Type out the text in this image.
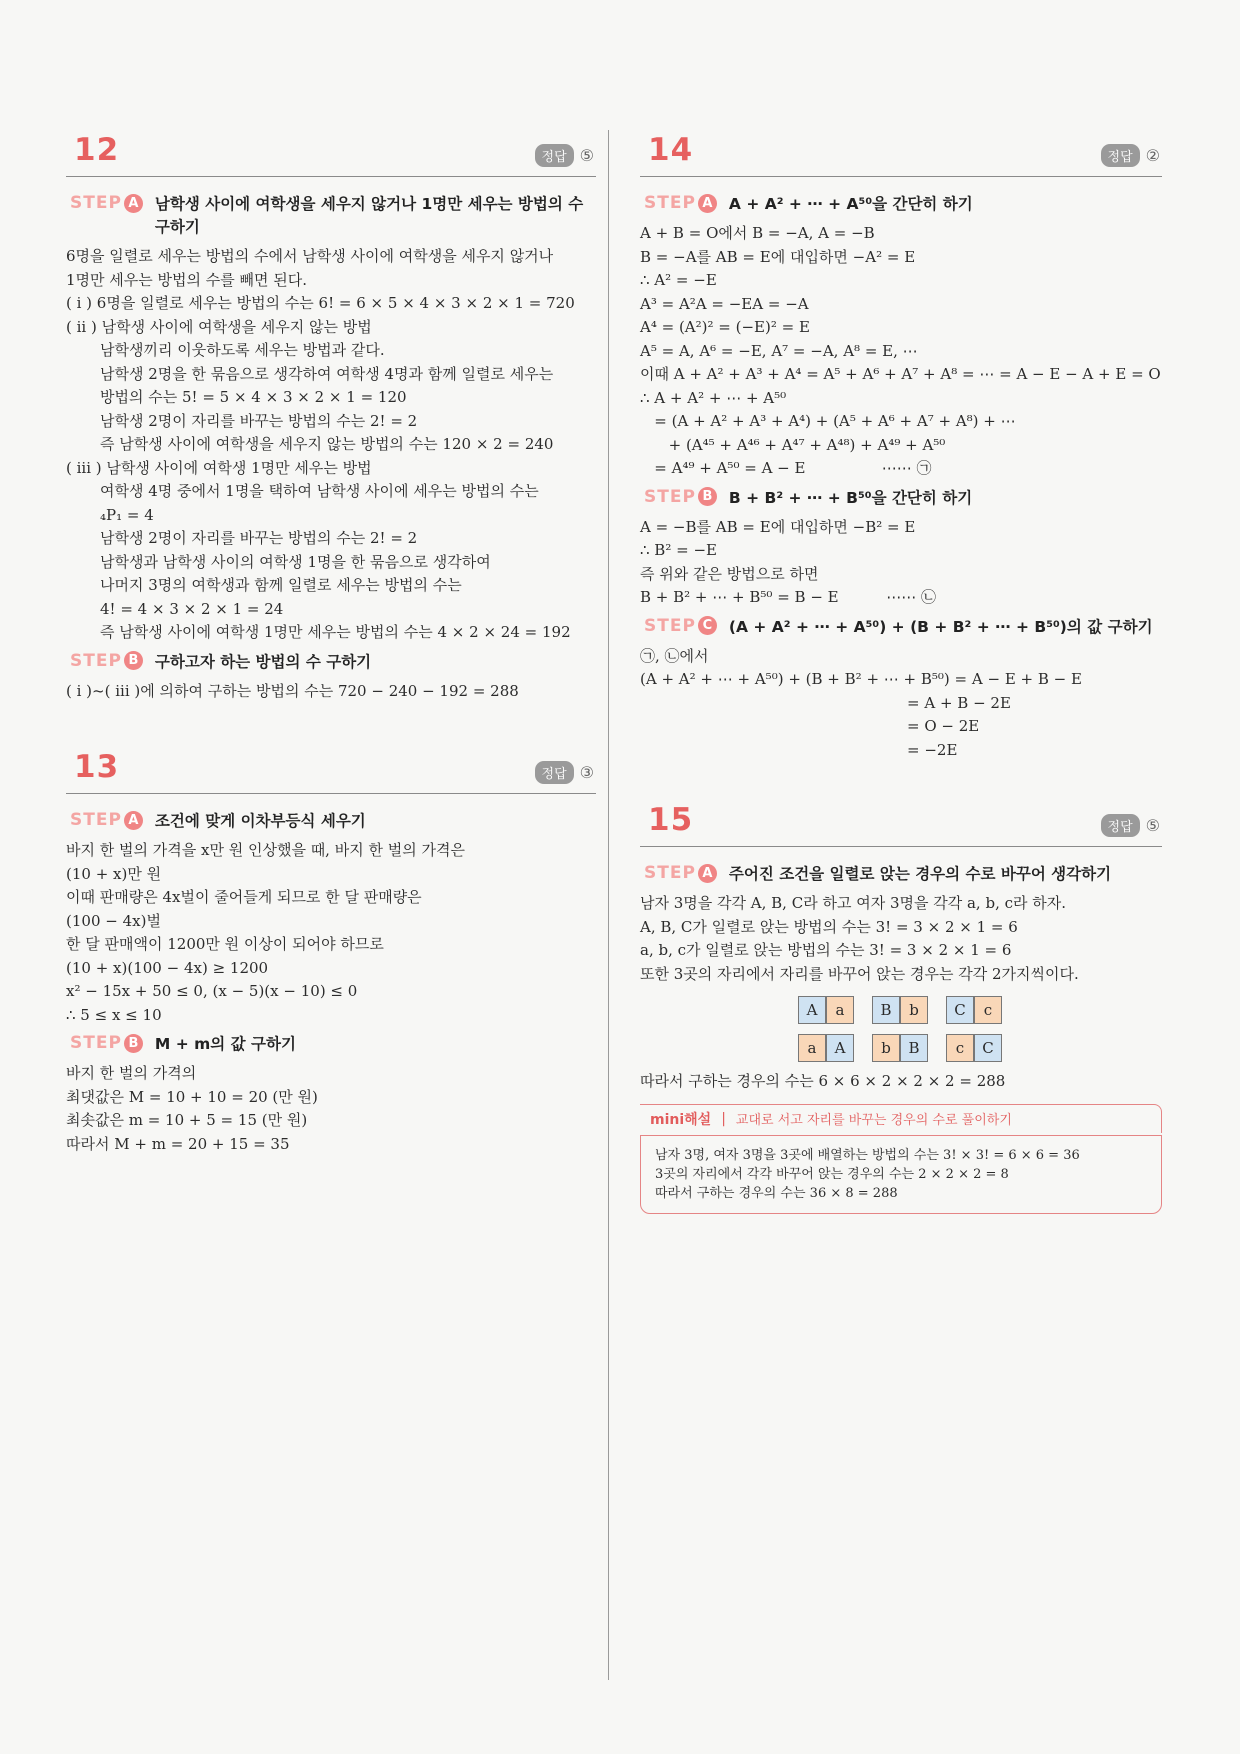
12	정답 ⑤
STEP A 남학생 사이에 여학생을 세우지 않거나 1명만 세우는 방법의 수 구하기
6명을 일렬로 세우는 방법의 수에서 남학생 사이에 여학생을 세우지 않거나
1명만 세우는 방법의 수를 빼면 된다.
( i ) 6명을 일렬로 세우는 방법의 수는 6! = 6 × 5 × 4 × 3 × 2 × 1 = 720
( ii ) 남학생 사이에 여학생을 세우지 않는 방법
남학생끼리 이웃하도록 세우는 방법과 같다.
남학생 2명을 한 묶음으로 생각하여 여학생 4명과 함께 일렬로 세우는
방법의 수는 5! = 5 × 4 × 3 × 2 × 1 = 120
남학생 2명이 자리를 바꾸는 방법의 수는 2! = 2
즉 남학생 사이에 여학생을 세우지 않는 방법의 수는 120 × 2 = 240
( iii ) 남학생 사이에 여학생 1명만 세우는 방법
여학생 4명 중에서 1명을 택하여 남학생 사이에 세우는 방법의 수는
₄P₁ = 4
남학생 2명이 자리를 바꾸는 방법의 수는 2! = 2
남학생과 남학생 사이의 여학생 1명을 한 묶음으로 생각하여
나머지 3명의 여학생과 함께 일렬로 세우는 방법의 수는
4! = 4 × 3 × 2 × 1 = 24
즉 남학생 사이에 여학생 1명만 세우는 방법의 수는 4 × 2 × 24 = 192
STEP B 구하고자 하는 방법의 수 구하기
( i )~( iii )에 의하여 구하는 방법의 수는 720 − 240 − 192 = 288
13	정답 ③
STEP A 조건에 맞게 이차부등식 세우기
바지 한 벌의 가격을 x만 원 인상했을 때, 바지 한 벌의 가격은
(10 + x)만 원
이때 판매량은 4x벌이 줄어들게 되므로 한 달 판매량은
(100 − 4x)벌
한 달 판매액이 1200만 원 이상이 되어야 하므로
(10 + x)(100 − 4x) ≥ 1200
x² − 15x + 50 ≤ 0, (x − 5)(x − 10) ≤ 0
∴ 5 ≤ x ≤ 10
STEP B M + m의 값 구하기
바지 한 벌의 가격의
최댓값은 M = 10 + 10 = 20 (만 원)
최솟값은 m = 10 + 5 = 15 (만 원)
따라서 M + m = 20 + 15 = 35
14	정답 ②
STEP A A + A² + ⋯ + A⁵⁰을 간단히 하기
A + B = O에서 B = −A, A = −B
B = −A를 AB = E에 대입하면 −A² = E
∴ A² = −E
A³ = A²A = −EA = −A
A⁴ = (A²)² = (−E)² = E
A⁵ = A, A⁶ = −E, A⁷ = −A, A⁸ = E, ⋯
이때 A + A² + A³ + A⁴ = A⁵ + A⁶ + A⁷ + A⁸ = ⋯ = A − E − A + E = O
∴ A + A² + ⋯ + A⁵⁰
= (A + A² + A³ + A⁴) + (A⁵ + A⁶ + A⁷ + A⁸) + ⋯
+ (A⁴⁵ + A⁴⁶ + A⁴⁷ + A⁴⁸) + A⁴⁹ + A⁵⁰
= A⁴⁹ + A⁵⁰ = A − E                ⋯⋯ ㉠
STEP B B + B² + ⋯ + B⁵⁰을 간단히 하기
A = −B를 AB = E에 대입하면 −B² = E
∴ B² = −E
즉 위와 같은 방법으로 하면
B + B² + ⋯ + B⁵⁰ = B − E          ⋯⋯ ㉡
STEP C	(A + A² + ⋯ + A⁵⁰) + (B + B² + ⋯ + B⁵⁰)의 값 구하기
㉠, ㉡에서
(A + A² + ⋯ + A⁵⁰) + (B + B² + ⋯ + B⁵⁰) = A − E + B − E
= A + B − 2E
= O − 2E
= −2E
15	정답 ⑤
STEP A 주어진 조건을 일렬로 앉는 경우의 수로 바꾸어 생각하기
남자 3명을 각각 A, B, C라 하고 여자 3명을 각각 a, b, c라 하자.
A, B, C가 일렬로 앉는 방법의 수는 3! = 3 × 2 × 1 = 6
a, b, c가 일렬로 앉는 방법의 수는 3! = 3 × 2 × 1 = 6
또한 3곳의 자리에서 자리를 바꾸어 앉는 경우는 각각 2가지씩이다.
A	a	B	b	C	c
a	A	b	B	c	C
따라서 구하는 경우의 수는 6 × 6 × 2 × 2 × 2 = 288
mini해설 | 교대로 서고 자리를 바꾸는 경우의 수로 풀이하기
남자 3명, 여자 3명을 3곳에 배열하는 방법의 수는 3! × 3! = 6 × 6 = 36
3곳의 자리에서 각각 바꾸어 앉는 경우의 수는 2 × 2 × 2 = 8
따라서 구하는 경우의 수는 36 × 8 = 288
